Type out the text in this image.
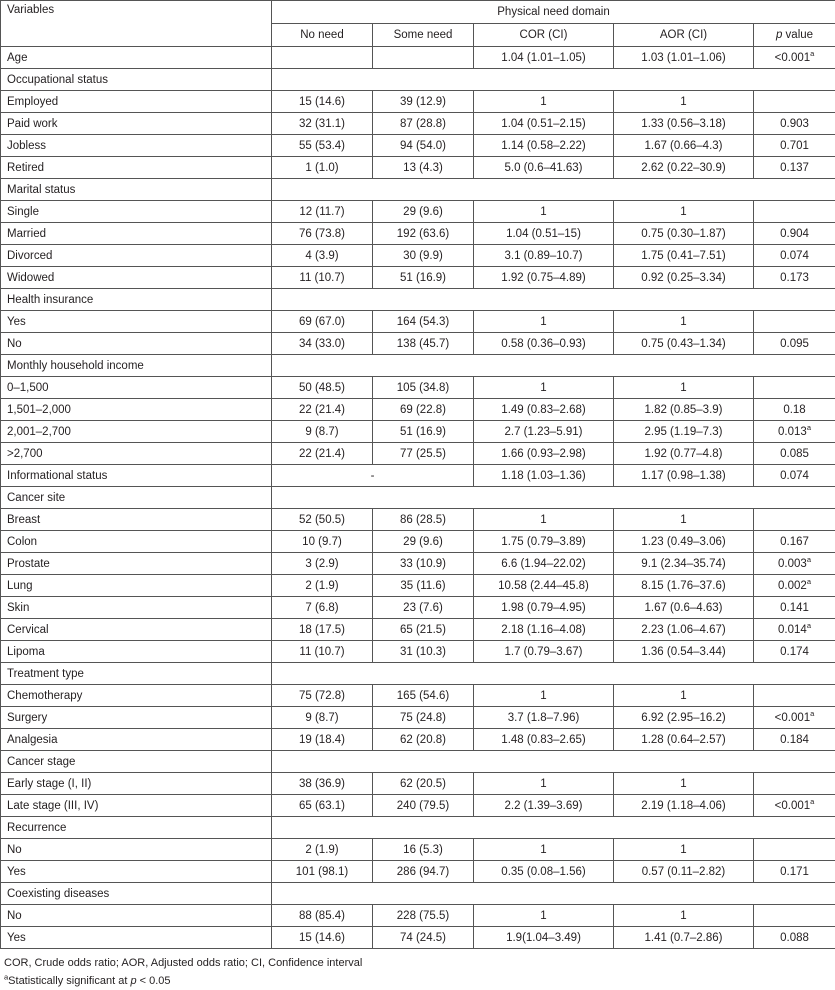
Variables	Physical need domain				
	No need	Some need	COR (CI)	AOR (CI)	p value
Age			1.04 (1.01–1.05)	1.03 (1.01–1.06)	<0.001$^a$
Occupational status					
Employed	15 (14.6)	39 (12.9)	1	1	
Paid work	32 (31.1)	87 (28.8)	1.04 (0.51–2.15)	1.33 (0.56–3.18)	0.903
Jobless	55 (53.4)	94 (54.0)	1.14 (0.58–2.22)	1.67 (0.66–4.3)	0.701
Retired	1 (1.0)	13 (4.3)	5.0 (0.6–41.63)	2.62 (0.22–30.9)	0.137
Marital status					
Single	12 (11.7)	29 (9.6)	1	1	
Married	76 (73.8)	192 (63.6)	1.04 (0.51–15)	0.75 (0.30–1.87)	0.904
Divorced	4 (3.9)	30 (9.9)	3.1 (0.89–10.7)	1.75 (0.41–7.51)	0.074
Widowed	11 (10.7)	51 (16.9)	1.92 (0.75–4.89)	0.92 (0.25–3.34)	0.173
Health insurance					
Yes	69 (67.0)	164 (54.3)	1	1	
No	34 (33.0)	138 (45.7)	0.58 (0.36–0.93)	0.75 (0.43–1.34)	0.095
Monthly household income					
0–1,500	50 (48.5)	105 (34.8)	1	1	
1,501–2,000	22 (21.4)	69 (22.8)	1.49 (0.83–2.68)	1.82 (0.85–3.9)	0.18
2,001–2,700	9 (8.7)	51 (16.9)	2.7 (1.23–5.91)	2.95 (1.19–7.3)	0.013$^a$
>2,700	22 (21.4)	77 (25.5)	1.66 (0.93–2.98)	1.92 (0.77–4.8)	0.085
Informational status	-		1.18 (1.03–1.36)	1.17 (0.98–1.38)	0.074
Cancer site					
Breast	52 (50.5)	86 (28.5)	1	1	
Colon	10 (9.7)	29 (9.6)	1.75 (0.79–3.89)	1.23 (0.49–3.06)	0.167
Prostate	3 (2.9)	33 (10.9)	6.6 (1.94–22.02)	9.1 (2.34–35.74)	0.003$^a$
Lung	2 (1.9)	35 (11.6)	10.58 (2.44–45.8)	8.15 (1.76–37.6)	0.002$^a$
Skin	7 (6.8)	23 (7.6)	1.98 (0.79–4.95)	1.67 (0.6–4.63)	0.141
Cervical	18 (17.5)	65 (21.5)	2.18 (1.16–4.08)	2.23 (1.06–4.67)	0.014$^a$
Lipoma	11 (10.7)	31 (10.3)	1.7 (0.79–3.67)	1.36 (0.54–3.44)	0.174
Treatment type					
Chemotherapy	75 (72.8)	165 (54.6)	1	1	
Surgery	9 (8.7)	75 (24.8)	3.7 (1.8–7.96)	6.92 (2.95–16.2)	<0.001$^a$
Analgesia	19 (18.4)	62 (20.8)	1.48 (0.83–2.65)	1.28 (0.64–2.57)	0.184
Cancer stage					
Early stage (I, II)	38 (36.9)	62 (20.5)	1	1	
Late stage (III, IV)	65 (63.1)	240 (79.5)	2.2 (1.39–3.69)	2.19 (1.18–4.06)	<0.001$^a$
Recurrence					
No	2 (1.9)	16 (5.3)	1	1	
Yes	101 (98.1)	286 (94.7)	0.35 (0.08–1.56)	0.57 (0.11–2.82)	0.171
Coexisting diseases					
No	88 (85.4)	228 (75.5)	1	1	
Yes	15 (14.6)	74 (24.5)	1.9(1.04–3.49)	1.41 (0.7–2.86)	0.088
COR, Crude odds ratio; AOR, Adjusted odds ratio; CI, Confidence interval
$^a$Statistically significant at p < 0.05
